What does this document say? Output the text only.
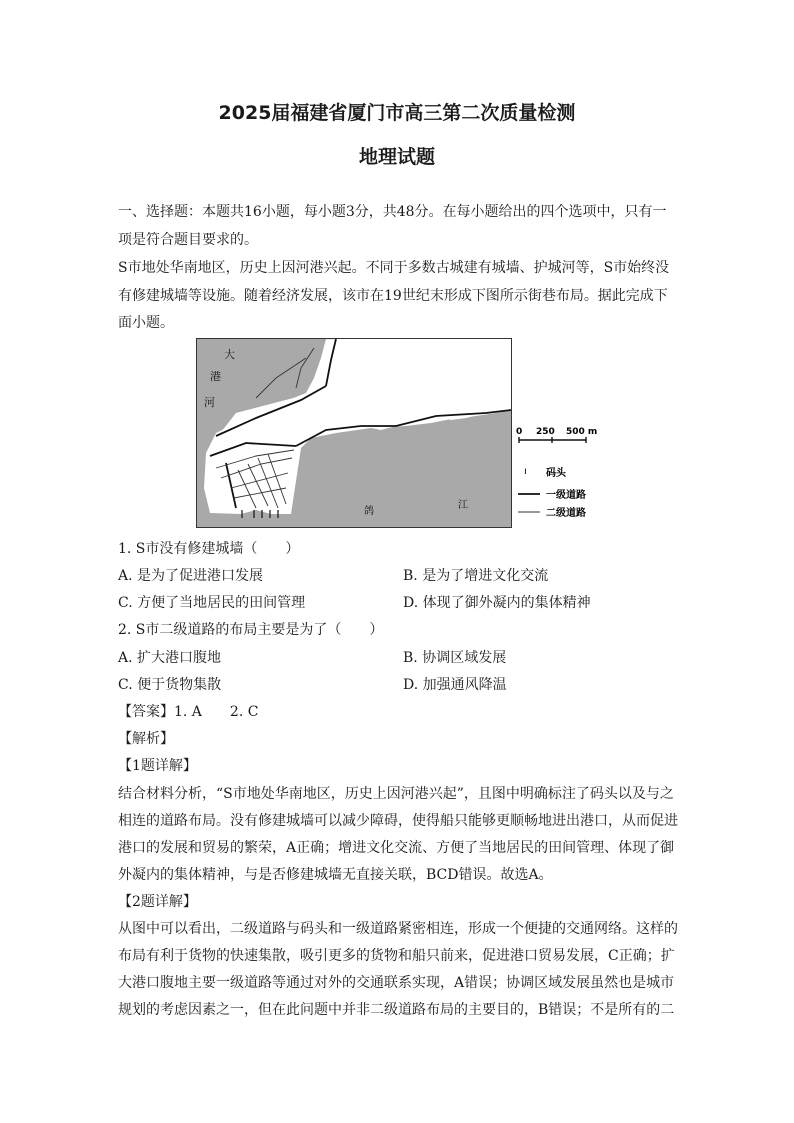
2025届福建省厦门市高三第二次质量检测
地理试题
一、选择题：本题共16小题，每小题3分，共48分。在每小题给出的四个选项中，只有一
项是符合题目要求的。
S市地处华南地区，历史上因河港兴起。不同于多数古城建有城墙、护城河等，S市始终没
有修建城墙等设施。随着经济发展，该市在19世纪末形成下图所示街巷布局。据此完成下
面小题。
大
港
河
鸽
江
0 250 500 m
ı 码头
一级道路
二级道路
1. S市没有修建城墙（　　）
A. 是为了促进港口发展	B. 是为了增进文化交流
C. 方便了当地居民的田间管理	D. 体现了御外凝内的集体精神
2. S市二级道路的布局主要是为了（　　）
A. 扩大港口腹地	B. 协调区域发展
C. 便于货物集散	D. 加强通风降温
【答案】1. A　　2. C
【解析】
【1题详解】
结合材料分析，“S市地处华南地区，历史上因河港兴起”，且图中明确标注了码头以及与之
相连的道路布局。没有修建城墙可以减少障碍，使得船只能够更顺畅地进出港口，从而促进
港口的发展和贸易的繁荣，A正确；增进文化交流、方便了当地居民的田间管理、体现了御
外凝内的集体精神，与是否修建城墙无直接关联，BCD错误。故选A。
【2题详解】
从图中可以看出，二级道路与码头和一级道路紧密相连，形成一个便捷的交通网络。这样的
布局有利于货物的快速集散，吸引更多的货物和船只前来，促进港口贸易发展，C正确；扩
大港口腹地主要一级道路等通过对外的交通联系实现，A错误；协调区域发展虽然也是城市
规划的考虑因素之一，但在此问题中并非二级道路布局的主要目的，B错误；不是所有的二
